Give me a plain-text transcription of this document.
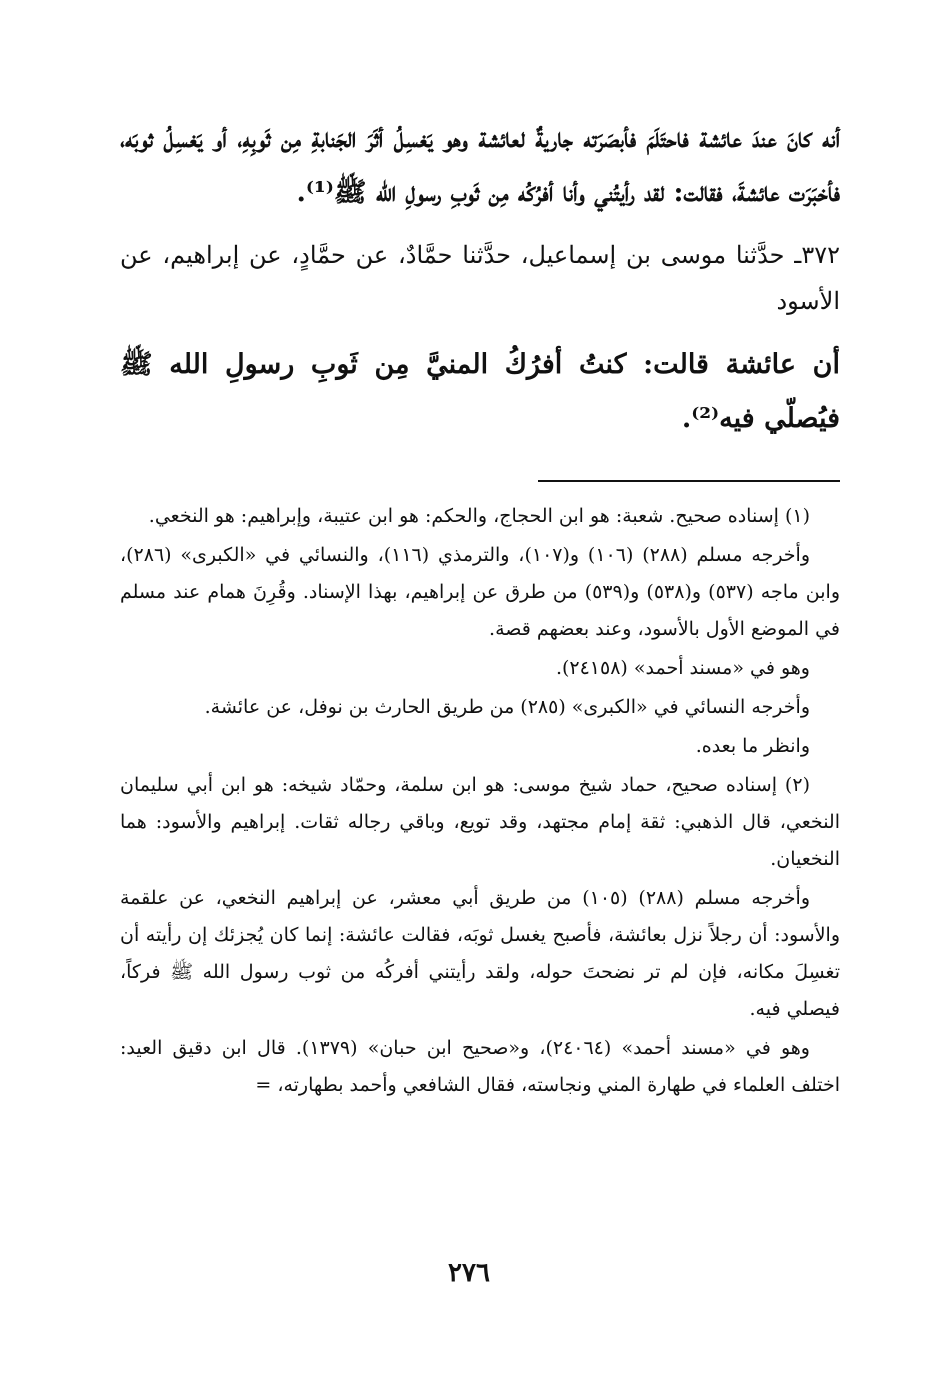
أنه كانَ عندَ عائشة فاحتَلَمَ فأبصَرَته جاريةٌ لعائشة وهو يَغسِلُ أثَرَ الجَنابةِ مِن ثَوبِهِ، أو يَغسِلُ ثوبَه، فأخبَرَت عائشةَ، فقالت: لقد رأيتُني وأنا أفرُكُه مِن ثَوبِ رسولِ الله ﷺ⁽¹⁾.

٣٧٢ـ حدَّثنا موسى بن إسماعيل، حدَّثنا حمَّادٌ، عن حمَّادٍ، عن إبراهيم، عن الأسود

أن عائشة قالت: كنتُ أفرُكُ المنيَّ مِن ثَوبِ رسولِ الله ﷺ فيُصلّي فيه⁽²⁾.

(١) إسناده صحيح. شعبة: هو ابن الحجاج، والحكم: هو ابن عتيبة، وإبراهيم: هو النخعي.

وأخرجه مسلم (٢٨٨) (١٠٦) و(١٠٧)، والترمذي (١١٦)، والنسائي في «الكبرى» (٢٨٦)، وابن ماجه (٥٣٧) و(٥٣٨) و(٥٣٩) من طرق عن إبراهيم، بهذا الإسناد. وقُرِنَ همام عند مسلم في الموضع الأول بالأسود، وعند بعضهم قصة.

وهو في «مسند أحمد» (٢٤١٥٨).

وأخرجه النسائي في «الكبرى» (٢٨٥) من طريق الحارث بن نوفل، عن عائشة.

وانظر ما بعده.

(٢) إسناده صحيح، حماد شيخ موسى: هو ابن سلمة، وحمّاد شيخه: هو ابن أبي سليمان النخعي، قال الذهبي: ثقة إمام مجتهد، وقد تويع، وباقي رجاله ثقات. إبراهيم والأسود: هما النخعيان.

وأخرجه مسلم (٢٨٨) (١٠٥) من طريق أبي معشر، عن إبراهيم النخعي، عن علقمة والأسود: أن رجلاً نزل بعائشة، فأصبح يغسل ثوبَه، فقالت عائشة: إنما كان يُجزئك إن رأيته أن تغسِلَ مكانه، فإن لم تر نضحتَ حوله، ولقد رأيتني أفركُه من ثوب رسول الله ﷺ فركاً، فيصلي فيه.

وهو في «مسند أحمد» (٢٤٠٦٤)، و«صحيح ابن حبان» (١٣٧٩). قال ابن دقيق العيد: اختلف العلماء في طهارة المني ونجاسته، فقال الشافعي وأحمد بطهارته، =

٢٧٦
